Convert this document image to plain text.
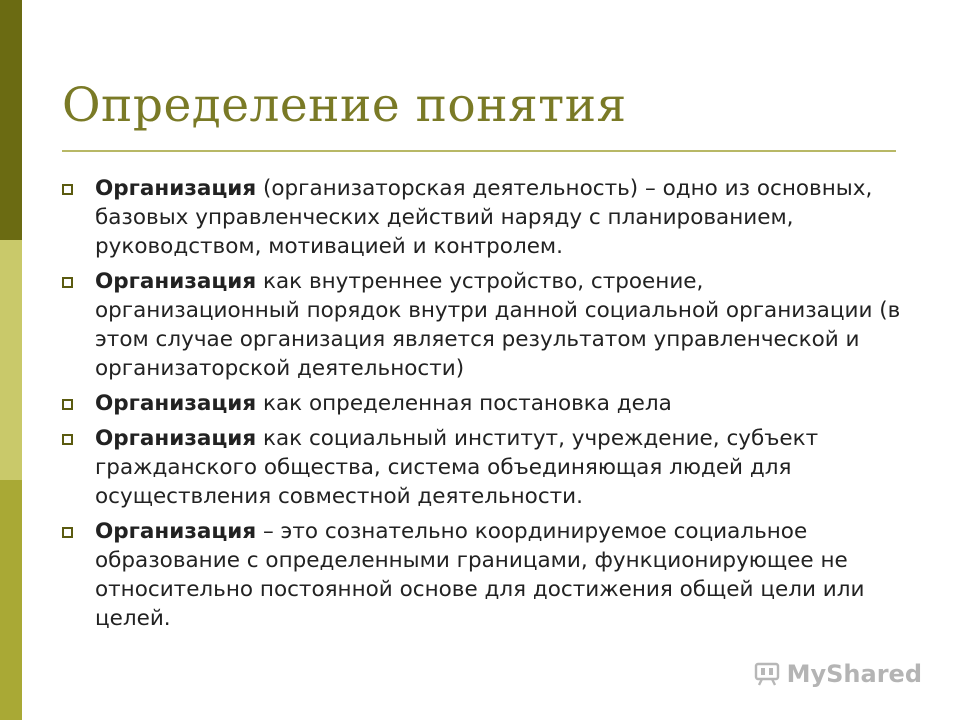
Определение понятия
Организация (организаторская деятельность) – одно из основных, базовых управленческих действий наряду с планированием, руководством, мотивацией и контролем.
Организация как внутреннее устройство, строение, организационный порядок внутри данной социальной организации (в этом случае организация является результатом управленческой и организаторской деятельности)
Организация как определенная постановка дела
Организация как социальный институт, учреждение, субъект гражданского общества, система объединяющая людей для осуществления совместной деятельности.
Организация – это сознательно координируемое социальное образование с определенными границами, функционирующее не относительно постоянной основе для достижения общей цели или целей.
MyShared
